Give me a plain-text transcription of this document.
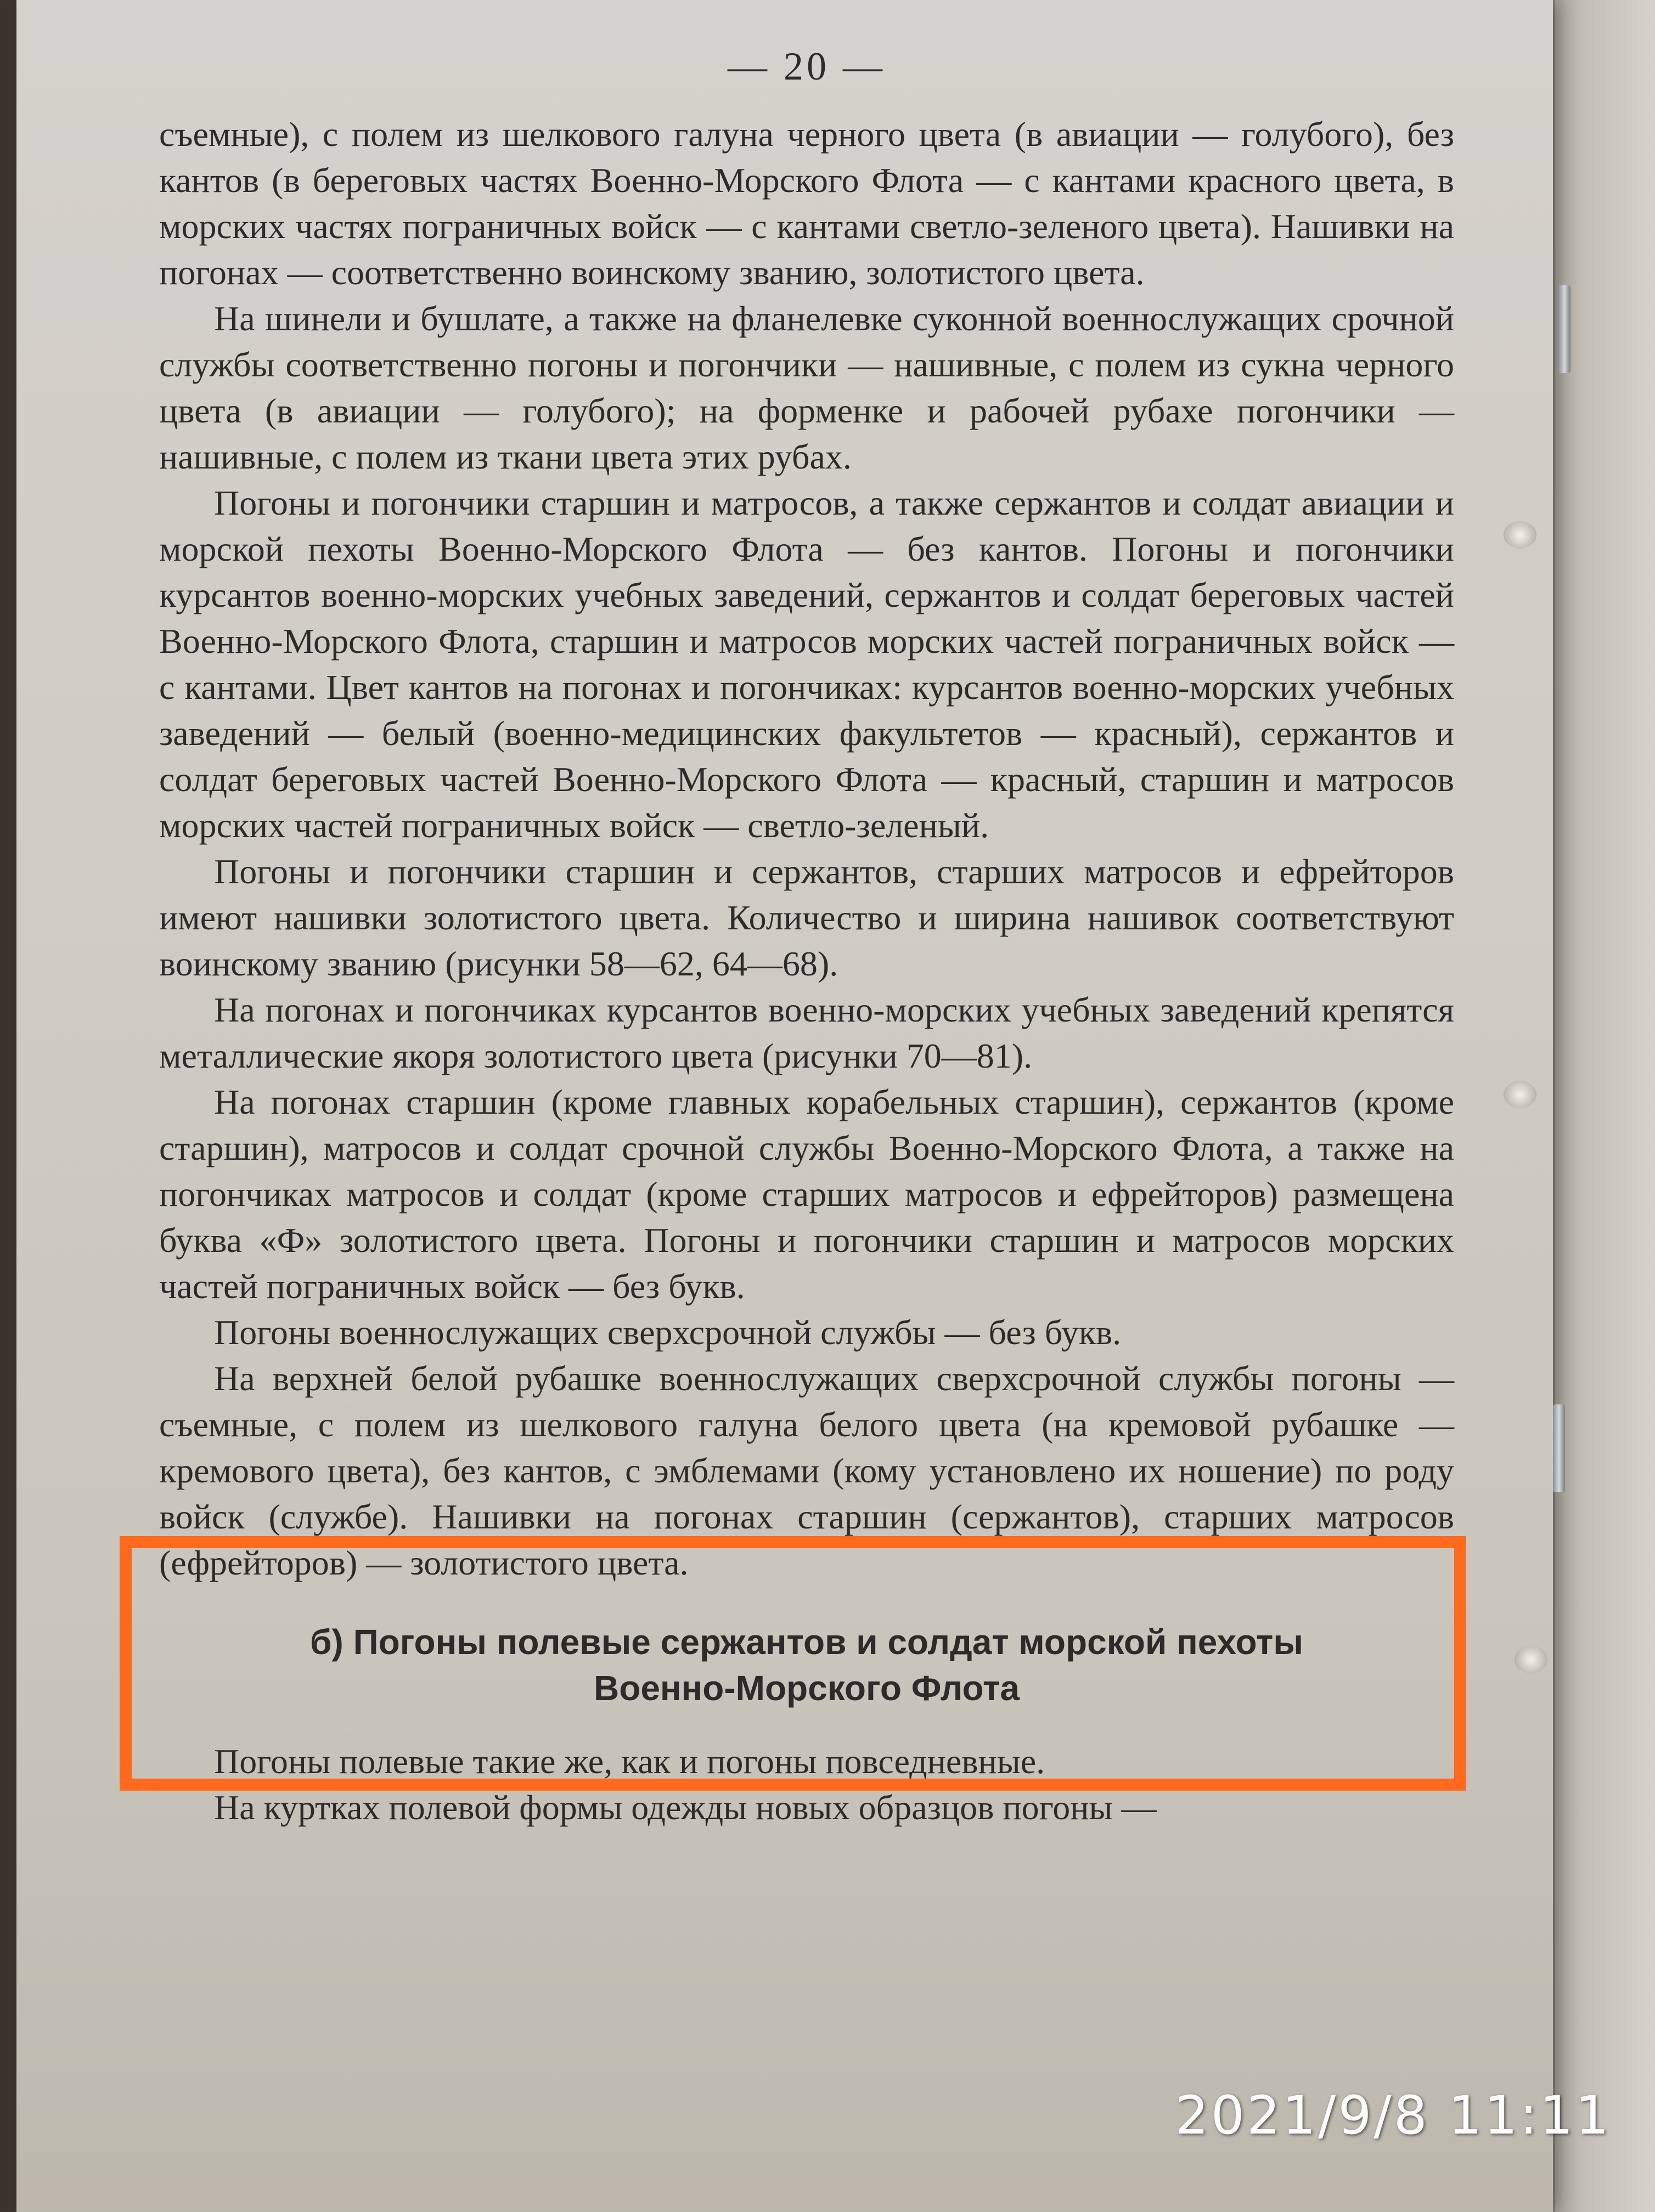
— 20 —

съемные), с полем из шелкового галуна черного цвета (в авиации — голубого), без кантов (в береговых частях Военно-Морского Флота — с кантами красного цвета, в морских частях пограничных войск — с кантами светло-зеленого цвета). Нашивки на погонах — соответственно воинскому званию, золотистого цвета.

На шинели и бушлате, а также на фланелевке суконной военнослужащих срочной службы соответственно погоны и погончики — нашивные, с полем из сукна черного цвета (в авиации — голубого); на форменке и рабочей рубахе погончики — нашивные, с полем из ткани цвета этих рубах.

Погоны и погончики старшин и матросов, а также сержантов и солдат авиации и морской пехоты Военно-Морского Флота — без кантов. Погоны и погончики курсантов военно-морских учебных заведений, сержантов и солдат береговых частей Военно-Морского Флота, старшин и матросов морских частей пограничных войск — с кантами. Цвет кантов на погонах и погончиках: курсантов военно-морских учебных заведений — белый (военно-медицинских факультетов — красный), сержантов и солдат береговых частей Военно-Морского Флота — красный, старшин и матросов морских частей пограничных войск — светло-зеленый.

Погоны и погончики старшин и сержантов, старших матросов и ефрейторов имеют нашивки золотистого цвета. Количество и ширина нашивок соответствуют воинскому званию (рисунки 58—62, 64—68).

На погонах и погончиках курсантов военно-морских учебных заведений крепятся металлические якоря золотистого цвета (рисунки 70—81).

На погонах старшин (кроме главных корабельных старшин), сержантов (кроме старшин), матросов и солдат срочной службы Военно-Морского Флота, а также на погончиках матросов и солдат (кроме старших матросов и ефрейторов) размещена буква «Ф» золотистого цвета. Погоны и погончики старшин и матросов морских частей пограничных войск — без букв.

Погоны военнослужащих сверхсрочной службы — без букв.

На верхней белой рубашке военнослужащих сверхсрочной службы погоны — съемные, с полем из шелкового галуна белого цвета (на кремовой рубашке — кремового цвета), без кантов, с эмблемами (кому установлено их ношение) по роду войск (службе). Нашивки на погонах старшин (сержантов), старших матросов (ефрейторов) — золотистого цвета.

б) Погоны полевые сержантов и солдат морской пехоты
Военно-Морского Флота

Погоны полевые такие же, как и погоны повседневные.

На куртках полевой формы одежды новых образцов погоны —

2021/9/8 11:11
